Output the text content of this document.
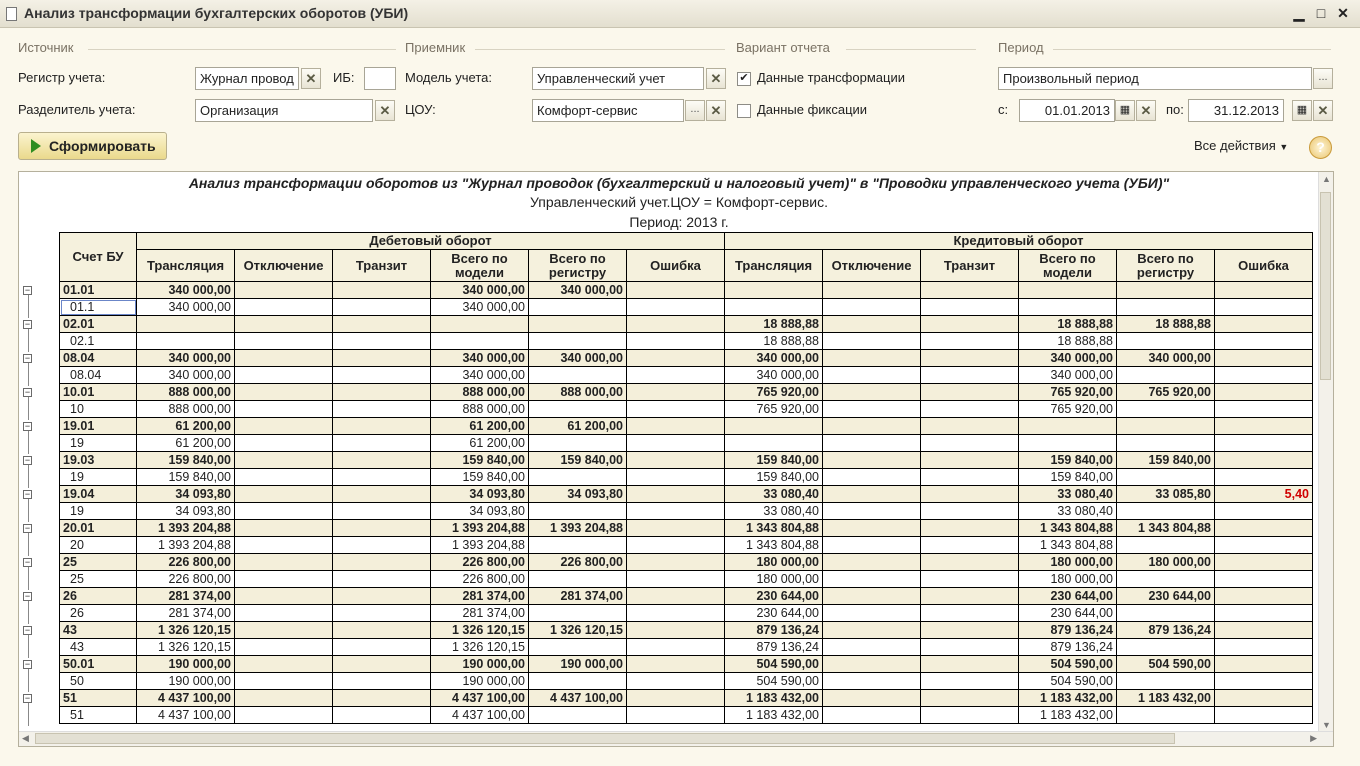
Анализ трансформации бухгалтерских оборотов (УБИ)	▁ □ ✕
Источник	Приемник	Вариант отчета	Период
Регистр учета:	Журнал провод ✕	ИБ:	Модель учета:	Управленческий учет	✕	✔ Данные трансформации	Произвольный период	...
Разделитель учета:	Организация	✕	ЦОУ:	Комфорт-сервис	... ✕	Данные фиксации	с:	01.01.2013 ▦ ✕	по:	31.12.2013	▦ ✕
Сформировать	Все действия ▼	?
−
−
−
−
−
−
−
−
−
−
−
−
−
Анализ трансформации оборотов из "Журнал проводок (бухгалтерский и налоговый учет)" в "Проводки управленческого учета (УБИ)"
Управленческий учет.ЦОУ = Комфорт-сервис.
Период: 2013 г.
Счет БУ	Дебетовый оборот						Кредитовый оборот					
	Трансляция	Отключение	Транзит	Всего по модели	Всего по регистру	Ошибка	Трансляция	Отключение	Транзит	Всего по модели	Всего по регистру	Ошибка
01.01	340 000,00			340 000,00	340 000,00							
01.1	340 000,00			340 000,00								
02.01							18 888,88			18 888,88	18 888,88	
02.1							18 888,88			18 888,88		
08.04	340 000,00			340 000,00	340 000,00		340 000,00			340 000,00	340 000,00	
08.04	340 000,00			340 000,00			340 000,00			340 000,00		
10.01	888 000,00			888 000,00	888 000,00		765 920,00			765 920,00	765 920,00	
10	888 000,00			888 000,00			765 920,00			765 920,00		
19.01	61 200,00			61 200,00	61 200,00							
19	61 200,00			61 200,00								
19.03	159 840,00			159 840,00	159 840,00		159 840,00			159 840,00	159 840,00	
19	159 840,00			159 840,00			159 840,00			159 840,00		
19.04	34 093,80			34 093,80	34 093,80		33 080,40			33 080,40	33 085,80	5,40
19	34 093,80			34 093,80			33 080,40			33 080,40		
20.01	1 393 204,88			1 393 204,88	1 393 204,88		1 343 804,88			1 343 804,88	1 343 804,88	
20	1 393 204,88			1 393 204,88			1 343 804,88			1 343 804,88		
25	226 800,00			226 800,00	226 800,00		180 000,00			180 000,00	180 000,00	
25	226 800,00			226 800,00			180 000,00			180 000,00		
26	281 374,00			281 374,00	281 374,00		230 644,00			230 644,00	230 644,00	
26	281 374,00			281 374,00			230 644,00			230 644,00		
43	1 326 120,15			1 326 120,15	1 326 120,15		879 136,24			879 136,24	879 136,24	
43	1 326 120,15			1 326 120,15			879 136,24			879 136,24		
50.01	190 000,00			190 000,00	190 000,00		504 590,00			504 590,00	504 590,00	
50	190 000,00			190 000,00			504 590,00			504 590,00		
51	4 437 100,00			4 437 100,00	4 437 100,00		1 183 432,00			1 183 432,00	1 183 432,00	
51	4 437 100,00			4 437 100,00			1 183 432,00			1 183 432,00		
▲
▼
◀	▶
